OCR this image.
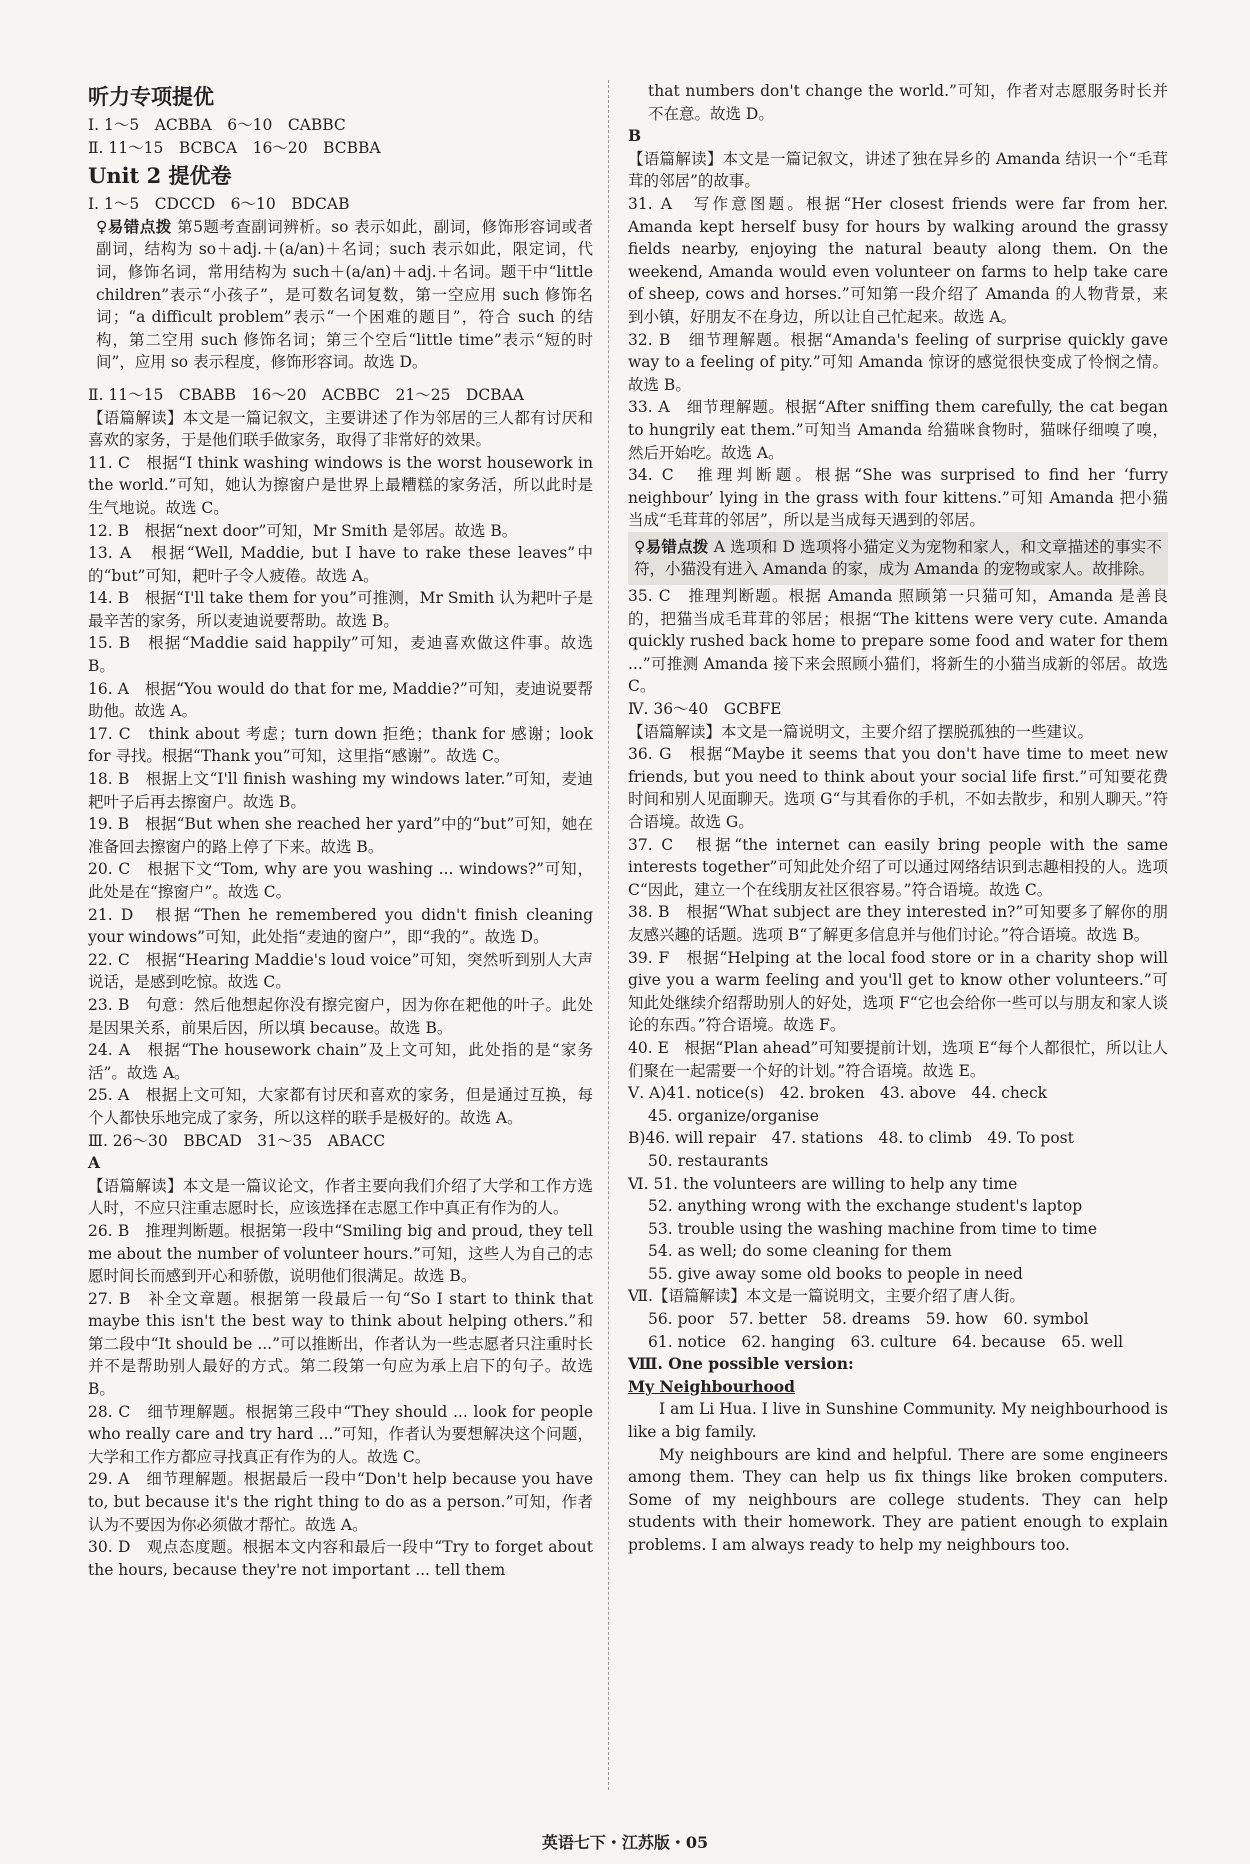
听力专项提优

Ⅰ. 1～5　ACBBA　6～10　CABBC

Ⅱ. 11～15　BCBCA　16～20　BCBBA

Unit 2 提优卷

Ⅰ. 1～5　CDCCD　6～10　BDCAB

♀易错点拨 第5题考查副词辨析。so 表示如此，副词，修饰形容词或者副词，结构为 so＋adj.＋(a/an)＋名词；such 表示如此，限定词，代词，修饰名词，常用结构为 such＋(a/an)＋adj.＋名词。题干中“little children”表示“小孩子”，是可数名词复数，第一空应用 such 修饰名词；“a difficult problem”表示“一个困难的题目”，符合 such 的结构，第二空用 such 修饰名词；第三个空后“little time”表示“短的时间”，应用 so 表示程度，修饰形容词。故选 D。

Ⅱ. 11～15　CBABB　16～20　ACBBC　21～25　DCBAA

【语篇解读】本文是一篇记叙文，主要讲述了作为邻居的三人都有讨厌和喜欢的家务，于是他们联手做家务，取得了非常好的效果。

11. C　根据“I think washing windows is the worst housework in the world.”可知，她认为擦窗户是世界上最糟糕的家务活，所以此时是生气地说。故选 C。

12. B　根据“next door”可知，Mr Smith 是邻居。故选 B。

13. A　根据“Well, Maddie, but I have to rake these leaves”中的“but”可知，耙叶子令人疲倦。故选 A。

14. B　根据“I'll take them for you”可推测，Mr Smith 认为耙叶子是最辛苦的家务，所以麦迪说要帮助。故选 B。

15. B　根据“Maddie said happily”可知，麦迪喜欢做这件事。故选 B。

16. A　根据“You would do that for me, Maddie?”可知，麦迪说要帮助他。故选 A。

17. C　think about 考虑；turn down 拒绝；thank for 感谢；look for 寻找。根据“Thank you”可知，这里指“感谢”。故选 C。

18. B　根据上文“I'll finish washing my windows later.”可知，麦迪耙叶子后再去擦窗户。故选 B。

19. B　根据“But when she reached her yard”中的“but”可知，她在准备回去擦窗户的路上停了下来。故选 B。

20. C　根据下文“Tom, why are you washing ... windows?”可知，此处是在“擦窗户”。故选 C。

21. D　根据“Then he remembered you didn't finish cleaning your windows”可知，此处指“麦迪的窗户”，即“我的”。故选 D。

22. C　根据“Hearing Maddie's loud voice”可知，突然听到别人大声说话，是感到吃惊。故选 C。

23. B　句意：然后他想起你没有擦完窗户，因为你在耙他的叶子。此处是因果关系，前果后因，所以填 because。故选 B。

24. A　根据“The housework chain”及上文可知，此处指的是“家务活”。故选 A。

25. A　根据上文可知，大家都有讨厌和喜欢的家务，但是通过互换，每个人都快乐地完成了家务，所以这样的联手是极好的。故选 A。

Ⅲ. 26～30　BBCAD　31～35　ABACC

A

【语篇解读】本文是一篇议论文，作者主要向我们介绍了大学和工作方选人时，不应只注重志愿时长，应该选择在志愿工作中真正有作为的人。

26. B　推理判断题。根据第一段中“Smiling big and proud, they tell me about the number of volunteer hours.”可知，这些人为自己的志愿时间长而感到开心和骄傲，说明他们很满足。故选 B。

27. B　补全文章题。根据第一段最后一句“So I start to think that maybe this isn't the best way to think about helping others.”和第二段中“It should be ...”可以推断出，作者认为一些志愿者只注重时长并不是帮助别人最好的方式。第二段第一句应为承上启下的句子。故选 B。

28. C　细节理解题。根据第三段中“They should ... look for people who really care and try hard ...”可知，作者认为要想解决这个问题，大学和工作方都应寻找真正有作为的人。故选 C。

29. A　细节理解题。根据最后一段中“Don't help because you have to, but because it's the right thing to do as a person.”可知，作者认为不要因为你必须做才帮忙。故选 A。

30. D　观点态度题。根据本文内容和最后一段中“Try to forget about the hours, because they're not important ... tell them

that numbers don't change the world.”可知，作者对志愿服务时长并不在意。故选 D。

B

【语篇解读】本文是一篇记叙文，讲述了独在异乡的 Amanda 结识一个“毛茸茸的邻居”的故事。

31. A　写作意图题。根据“Her closest friends were far from her. Amanda kept herself busy for hours by walking around the grassy fields nearby, enjoying the natural beauty along them. On the weekend, Amanda would even volunteer on farms to help take care of sheep, cows and horses.”可知第一段介绍了 Amanda 的人物背景，来到小镇，好朋友不在身边，所以让自己忙起来。故选 A。

32. B　细节理解题。根据“Amanda's feeling of surprise quickly gave way to a feeling of pity.”可知 Amanda 惊讶的感觉很快变成了怜悯之情。故选 B。

33. A　细节理解题。根据“After sniffing them carefully, the cat began to hungrily eat them.”可知当 Amanda 给猫咪食物时，猫咪仔细嗅了嗅，然后开始吃。故选 A。

34. C　推理判断题。根据“She was surprised to find her ‘furry neighbour’ lying in the grass with four kittens.”可知 Amanda 把小猫当成“毛茸茸的邻居”，所以是当成每天遇到的邻居。

♀易错点拨 A 选项和 D 选项将小猫定义为宠物和家人，和文章描述的事实不符，小猫没有进入 Amanda 的家，成为 Amanda 的宠物或家人。故排除。

35. C　推理判断题。根据 Amanda 照顾第一只猫可知，Amanda 是善良的，把猫当成毛茸茸的邻居；根据“The kittens were very cute. Amanda quickly rushed back home to prepare some food and water for them ...”可推测 Amanda 接下来会照顾小猫们，将新生的小猫当成新的邻居。故选 C。

Ⅳ. 36～40　GCBFE

【语篇解读】本文是一篇说明文，主要介绍了摆脱孤独的一些建议。

36. G　根据“Maybe it seems that you don't have time to meet new friends, but you need to think about your social life first.”可知要花费时间和别人见面聊天。选项 G“与其看你的手机，不如去散步，和别人聊天。”符合语境。故选 G。

37. C　根据“the internet can easily bring people with the same interests together”可知此处介绍了可以通过网络结识到志趣相投的人。选项 C“因此，建立一个在线朋友社区很容易。”符合语境。故选 C。

38. B　根据“What subject are they interested in?”可知要多了解你的朋友感兴趣的话题。选项 B“了解更多信息并与他们讨论。”符合语境。故选 B。

39. F　根据“Helping at the local food store or in a charity shop will give you a warm feeling and you'll get to know other volunteers.”可知此处继续介绍帮助别人的好处，选项 F“它也会给你一些可以与朋友和家人谈论的东西。”符合语境。故选 F。

40. E　根据“Plan ahead”可知要提前计划，选项 E“每个人都很忙，所以让人们聚在一起需要一个好的计划。”符合语境。故选 E。

Ⅴ. A)41. notice(s)　42. broken　43. above　44. check

45. organize/organise

B)46. will repair　47. stations　48. to climb　49. To post

50. restaurants

Ⅵ. 51. the volunteers are willing to help any time

52. anything wrong with the exchange student's laptop

53. trouble using the washing machine from time to time

54. as well; do some cleaning for them

55. give away some old books to people in need

Ⅶ.【语篇解读】本文是一篇说明文，主要介绍了唐人街。

56. poor　57. better　58. dreams　59. how　60. symbol

61. notice　62. hanging　63. culture　64. because　65. well

Ⅷ. One possible version:

My Neighbourhood

I am Li Hua. I live in Sunshine Community. My neighbourhood is like a big family.

My neighbours are kind and helpful. There are some engineers among them. They can help us fix things like broken computers. Some of my neighbours are college students. They can help students with their homework. They are patient enough to explain problems. I am always ready to help my neighbours too.

英语七下・江苏版・05
